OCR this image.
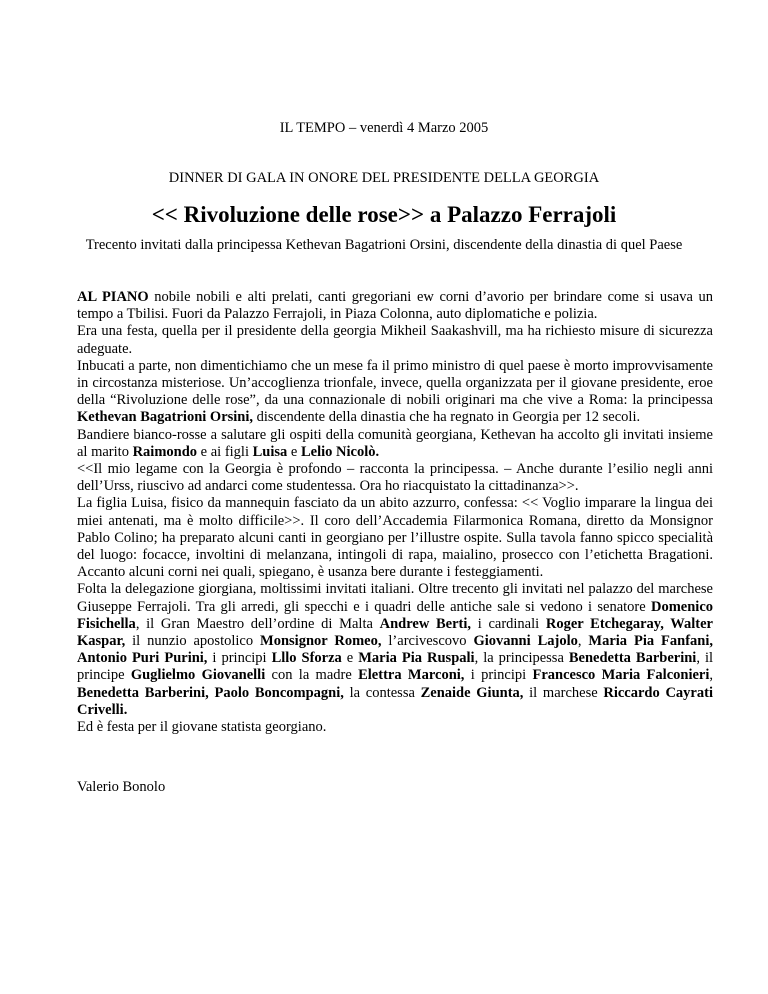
IL TEMPO – venerdì 4 Marzo 2005
DINNER DI GALA IN ONORE DEL PRESIDENTE DELLA GEORGIA
<< Rivoluzione delle rose>> a Palazzo Ferrajoli
Trecento invitati dalla principessa Kethevan Bagatrioni Orsini, discendente della dinastia di quel Paese

AL PIANO nobile nobili e alti prelati, canti gregoriani ew corni d’avorio per brindare come si usava un tempo a Tbilisi. Fuori da Palazzo Ferrajoli, in Piaza Colonna, auto diplomatiche e polizia.

Era una festa, quella per il presidente della georgia Mikheil Saakashvill, ma ha richiesto misure di sicurezza adeguate.

Inbucati a parte, non dimentichiamo che un mese fa il primo ministro di quel paese è morto improvvisamente in circostanza misteriose. Un’accoglienza trionfale, invece, quella organizzata per il giovane presidente, eroe della “Rivoluzione delle rose”, da una connazionale di nobili originari ma che vive a Roma: la principessa Kethevan Bagatrioni Orsini, discendente della dinastia che ha regnato in Georgia per 12 secoli.

Bandiere bianco-rosse a salutare gli ospiti della comunità georgiana, Kethevan ha accolto gli invitati insieme al marito Raimondo e ai figli Luisa e Lelio Nicolò.

<<Il mio legame con la Georgia è profondo – racconta la principessa. – Anche durante l’esilio negli anni dell’Urss, riuscivo ad andarci come studentessa. Ora ho riacquistato la cittadinanza>>.

La figlia Luisa, fisico da mannequin fasciato da un abito azzurro, confessa: << Voglio imparare la lingua dei miei antenati, ma è molto difficile>>. Il coro dell’Accademia Filarmonica Romana, diretto da Monsignor Pablo Colino; ha preparato alcuni canti in georgiano per l’illustre ospite. Sulla tavola fanno spicco specialità del luogo: focacce, involtini di melanzana, intingoli di rapa, maialino, prosecco con l’etichetta Bragationi. Accanto alcuni corni nei quali, spiegano, è usanza bere durante i festeggiamenti.

Folta la delegazione giorgiana, moltissimi invitati italiani. Oltre trecento gli invitati nel palazzo del marchese Giuseppe Ferrajoli. Tra gli arredi, gli specchi e i quadri delle antiche sale si vedono i senatore Domenico Fisichella, il Gran Maestro dell’ordine di Malta Andrew Berti, i cardinali Roger Etchegaray, Walter Kaspar, il nunzio apostolico Monsignor Romeo, l’arcivescovo Giovanni Lajolo, Maria Pia Fanfani, Antonio Puri Purini, i principi Lllo Sforza e Maria Pia Ruspali, la principessa Benedetta Barberini, il principe Guglielmo Giovanelli con la madre Elettra Marconi, i principi Francesco Maria Falconieri, Benedetta Barberini, Paolo Boncompagni, la contessa Zenaide Giunta, il marchese Riccardo Cayrati Crivelli.

Ed è festa per il giovane statista georgiano.

Valerio Bonolo
